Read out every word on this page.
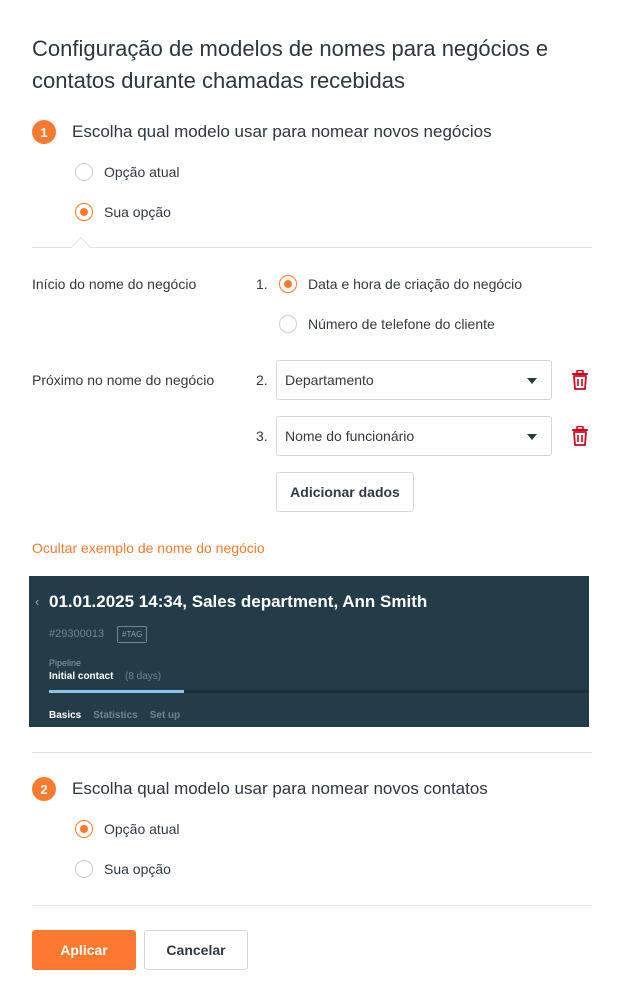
Configuração de modelos de nomes para negócios e contatos durante chamadas recebidas
1	Escolha qual modelo usar para nomear novos negócios
Opção atual
Sua opção
Início do nome do negócio	1.	Data e hora de criação do negócio
Número de telefone do cliente
Próximo no nome do negócio	2. Departamento
3. Nome do funcionário
Adicionar dados
Ocultar exemplo de nome do negócio
‹ 01.01.2025 14:34, Sales department, Ann Smith
#29300013	#TAG
Pipeline
Initial contact (8 days)
Basics Statistics Set up
2	Escolha qual modelo usar para nomear novos contatos
Opção atual
Sua opção
Aplicar	Cancelar
